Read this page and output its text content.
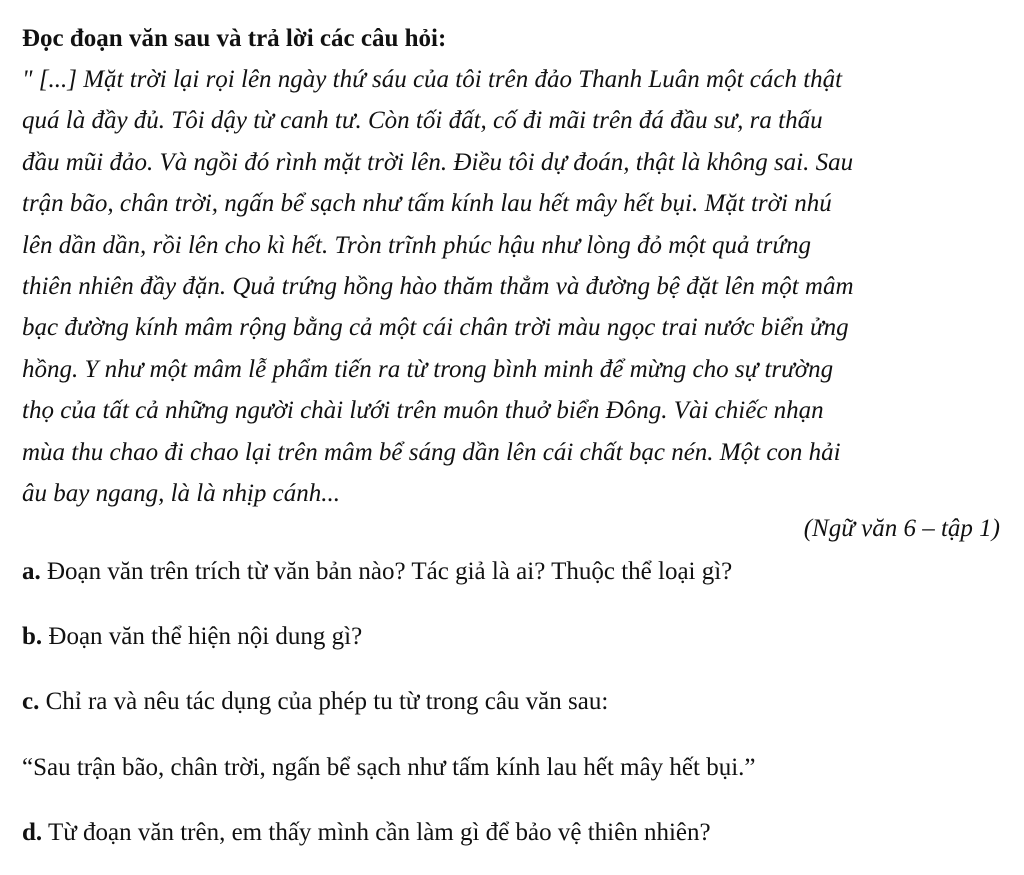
Đọc đoạn văn sau và trả lời các câu hỏi:
" [...] Mặt trời lại rọi lên ngày thứ sáu của tôi trên đảo Thanh Luân một cách thật
quá là đầy đủ. Tôi dậy từ canh tư. Còn tối đất, cố đi mãi trên đá đầu sư, ra thấu
đầu mũi đảo. Và ngồi đó rình mặt trời lên. Điều tôi dự đoán, thật là không sai. Sau
trận bão, chân trời, ngấn bể sạch như tấm kính lau hết mây hết bụi. Mặt trời nhú
lên dần dần, rồi lên cho kì hết. Tròn trĩnh phúc hậu như lòng đỏ một quả trứng
thiên nhiên đầy đặn. Quả trứng hồng hào thăm thẳm và đường bệ đặt lên một mâm
bạc đường kính mâm rộng bằng cả một cái chân trời màu ngọc trai nước biển ửng
hồng. Y như một mâm lễ phẩm tiến ra từ trong bình minh để mừng cho sự trường
thọ của tất cả những người chài lưới trên muôn thuở biển Đông. Vài chiếc nhạn
mùa thu chao đi chao lại trên mâm bể sáng dần lên cái chất bạc nén. Một con hải
âu bay ngang, là là nhịp cánh...
(Ngữ văn 6 – tập 1)
a. Đoạn văn trên trích từ văn bản nào? Tác giả là ai? Thuộc thể loại gì?
b. Đoạn văn thể hiện nội dung gì?
c. Chỉ ra và nêu tác dụng của phép tu từ trong câu văn sau:
“Sau trận bão, chân trời, ngấn bể sạch như tấm kính lau hết mây hết bụi.”
d. Từ đoạn văn trên, em thấy mình cần làm gì để bảo vệ thiên nhiên?
